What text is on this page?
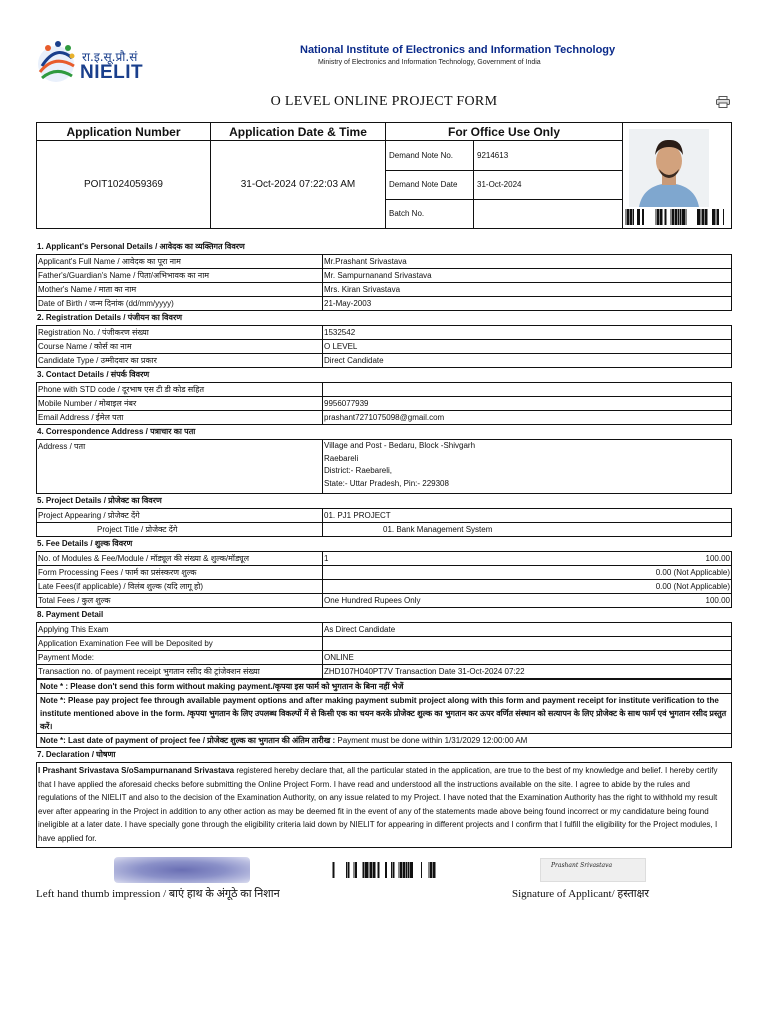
रा.इ.सू.प्रौ.सं
NIELIT
National Institute of Electronics and Information Technology
Ministry of Electronics and Information Technology, Government of India
O LEVEL ONLINE PROJECT FORM
Application Number	Application Date & Time	For Office Use Only
POIT1024059369	31-Oct-2024 07:22:03 AM
Demand Note No.	9214613
Demand Note Date 31-Oct-2024
Batch No.
1. Applicant's Personal Details / आवेदक का व्यक्तिगत विवरण
Applicant's Full Name / आवेदक का पूरा नाम	Mr.Prashant Srivastava
Father's/Guardian's Name / पिता/अभिभावक का नाम	Mr. Sampurnanand Srivastava
Mother's Name / माता का नाम	Mrs. Kiran Srivastava
Date of Birth / जन्म दिनांक (dd/mm/yyyy)	21-May-2003
2. Registration Details / पंजीयन का विवरण
Registration No. / पंजीकरण संख्या	1532542
Course Name / कोर्स का नाम	O LEVEL
Candidate Type / उम्मीदवार का प्रकार	Direct Candidate
3. Contact Details / संपर्क विवरण
Phone with STD code / दूरभाष एस टी डी कोड सहित	
Mobile Number / मोबाइल नंबर	9956077939
Email Address / ईमेल पता	prashant7271075098@gmail.com
4. Correspondence Address / पत्राचार का पता
Address / पता	Village and Post - Bedaru, Block -Shivgarh
Raebareli
District:- Raebareli,
State:- Uttar Pradesh, Pin:- 229308
5. Project Details / प्रोजेक्ट का विवरण
Project Appearing / प्रोजेक्ट देंगे	01. PJ1 PROJECT
Project Title / प्रोजेक्ट देंगे	01. Bank Management System
5. Fee Details / शुल्क विवरण
No. of Modules & Fee/Module / मॉड्यूल की संख्या & शुल्क/मॉड्यूल	1 100.00

Form Processing Fees / फार्म का प्रसंस्करण शुल्क	0.00 (Not Applicable)
Late Fees(if applicable) / विलंब शुल्क (यदि लागू हो)	0.00 (Not Applicable)
Total Fees / कुल शुल्क	One Hundred Rupees Only 100.00
8. Payment Detail
Applying This Exam	As Direct Candidate
Application Examination Fee will be Deposited by	
Payment Mode:	ONLINE
Transaction no. of payment receipt भुगतान रसीद की ट्रांजेक्शन संख्या	ZHD107H040PT7V Transaction Date 31-Oct-2024 07:22
Note * : Please don't send this form without making payment./कृपया इस फार्म को भुगतान के बिना नहीं भेजें
Note *: Please pay project fee through available payment options and after making payment submit project along with this form and payment receipt for institute verification to the institute mentioned above in the form. /कृपया भुगतान के लिए उपलब्ध विकल्पों में से किसी एक का चयन करके प्रोजेक्ट शुल्क का भुगतान कर ऊपर वर्णित संस्थान को सत्यापन के लिए प्रोजेक्ट के साथ फार्म एवं भुगतान रसीद प्रस्तुत करें।
Note *: Last date of payment of project fee / प्रोजेक्ट शुल्क का भुगतान की अंतिम तारीख : Payment must be done within 1/31/2029 12:00:00 AM
7. Declaration / घोषणा
I Prashant Srivastava S/oSampurnanand Srivastava registered hereby declare that, all the particular stated in the application, are true to the best of my knowledge and belief. I hereby certify that I have applied the aforesaid checks before submitting the Online Project Form. I have read and understood all the instructions available on the site. I agree to abide by the rules and regulations of the NIELIT and also to the decision of the Examination Authority, on any issue related to my Project. I have noted that the Examination Authority has the right to withhold my result ever after appearing in the Project in addition to any other action as may be deemed fit in the event of any of the statements made above being found incorrect or my candidature being found ineligible at a later date. I have specially gone through the eligibility criteria laid down by NIELIT for appearing in different projects and I confirm that I fulfill the eligibility for the Project modules, I have applied for.
Prashant Srivastava
Left hand thumb impression / बाएं हाथ के अंगूठे का निशान	Signature of Applicant/ हस्ताक्षर
